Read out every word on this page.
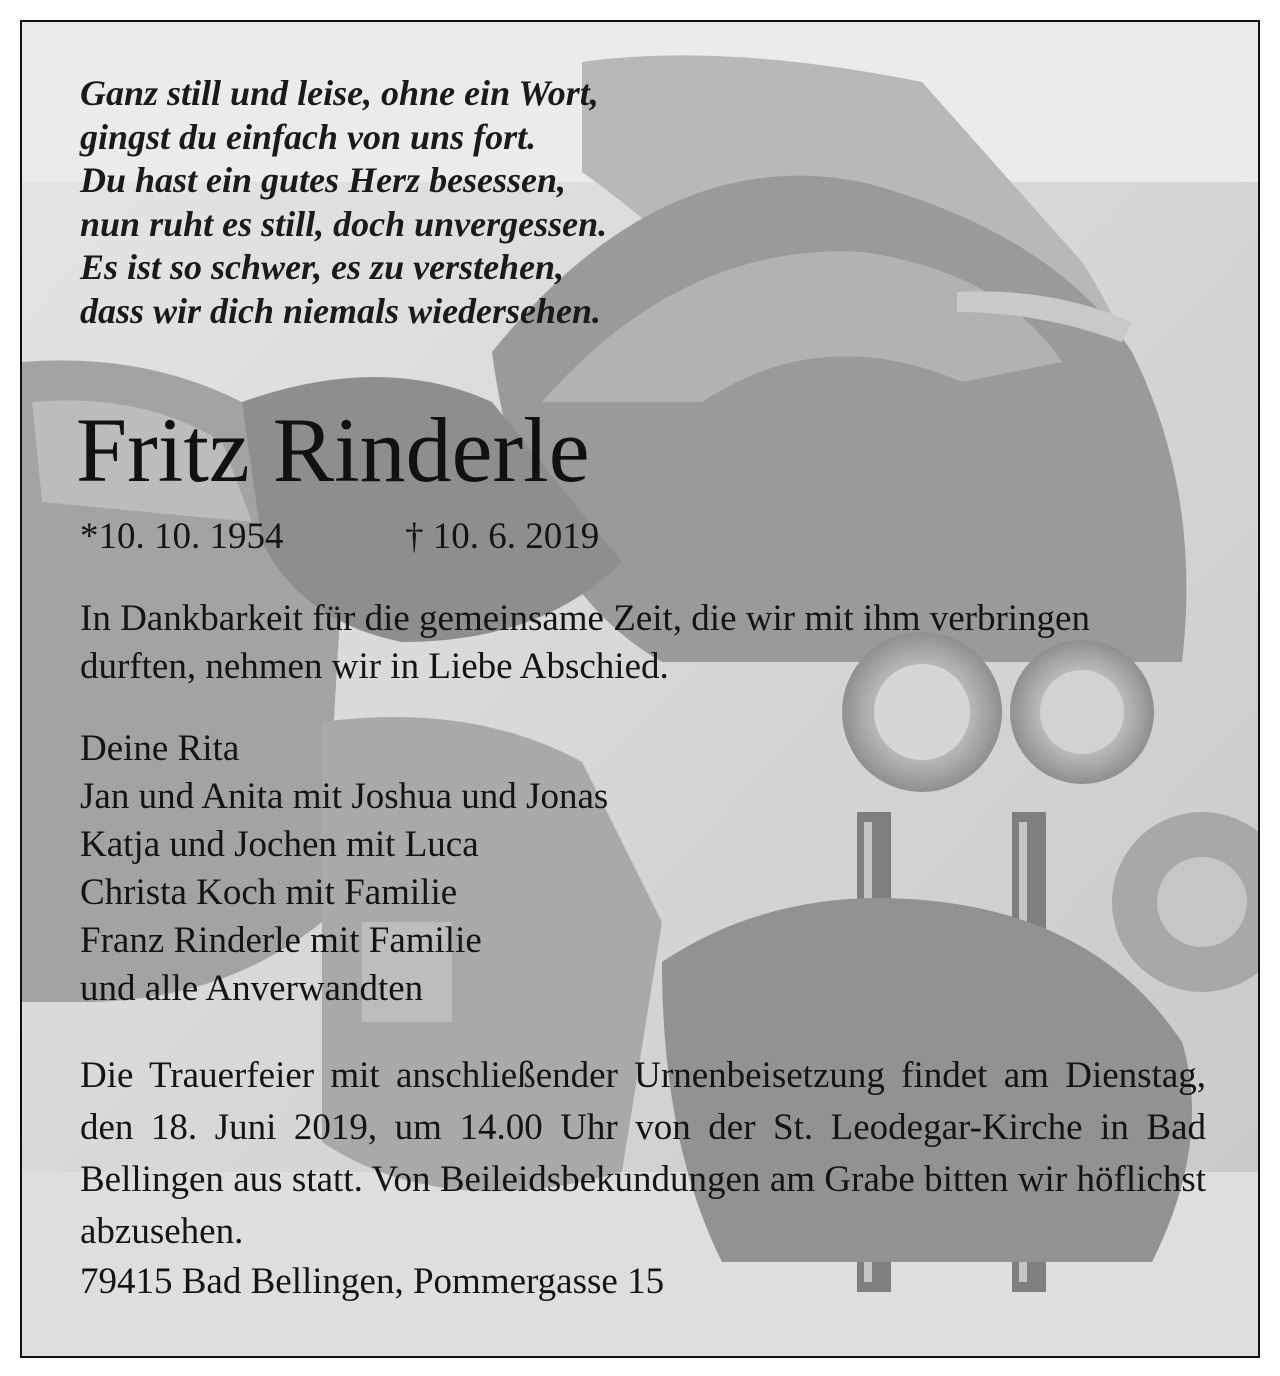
Ganz still und leise, ohne ein Wort,
gingst du einfach von uns fort.
Du hast ein gutes Herz besessen,
nun ruht es still, doch unvergessen.
Es ist so schwer, es zu verstehen,
dass wir dich niemals wiedersehen.
Fritz Rinderle
*10. 10. 1954	† 10. 6. 2019
In Dankbarkeit für die gemeinsame Zeit, die wir mit ihm verbringen durften, nehmen wir in Liebe Abschied.
Deine Rita
Jan und Anita mit Joshua und Jonas
Katja und Jochen mit Luca
Christa Koch mit Familie
Franz Rinderle mit Familie
und alle Anverwandten
Die Trauerfeier mit anschließender Urnenbeisetzung findet am Dienstag, den 18. Juni 2019, um 14.00 Uhr von der St. Leodegar-Kirche in Bad Bellingen aus statt. Von Beileidsbekundungen am Grabe bitten wir höflichst abzusehen.
79415 Bad Bellingen, Pommergasse 15
